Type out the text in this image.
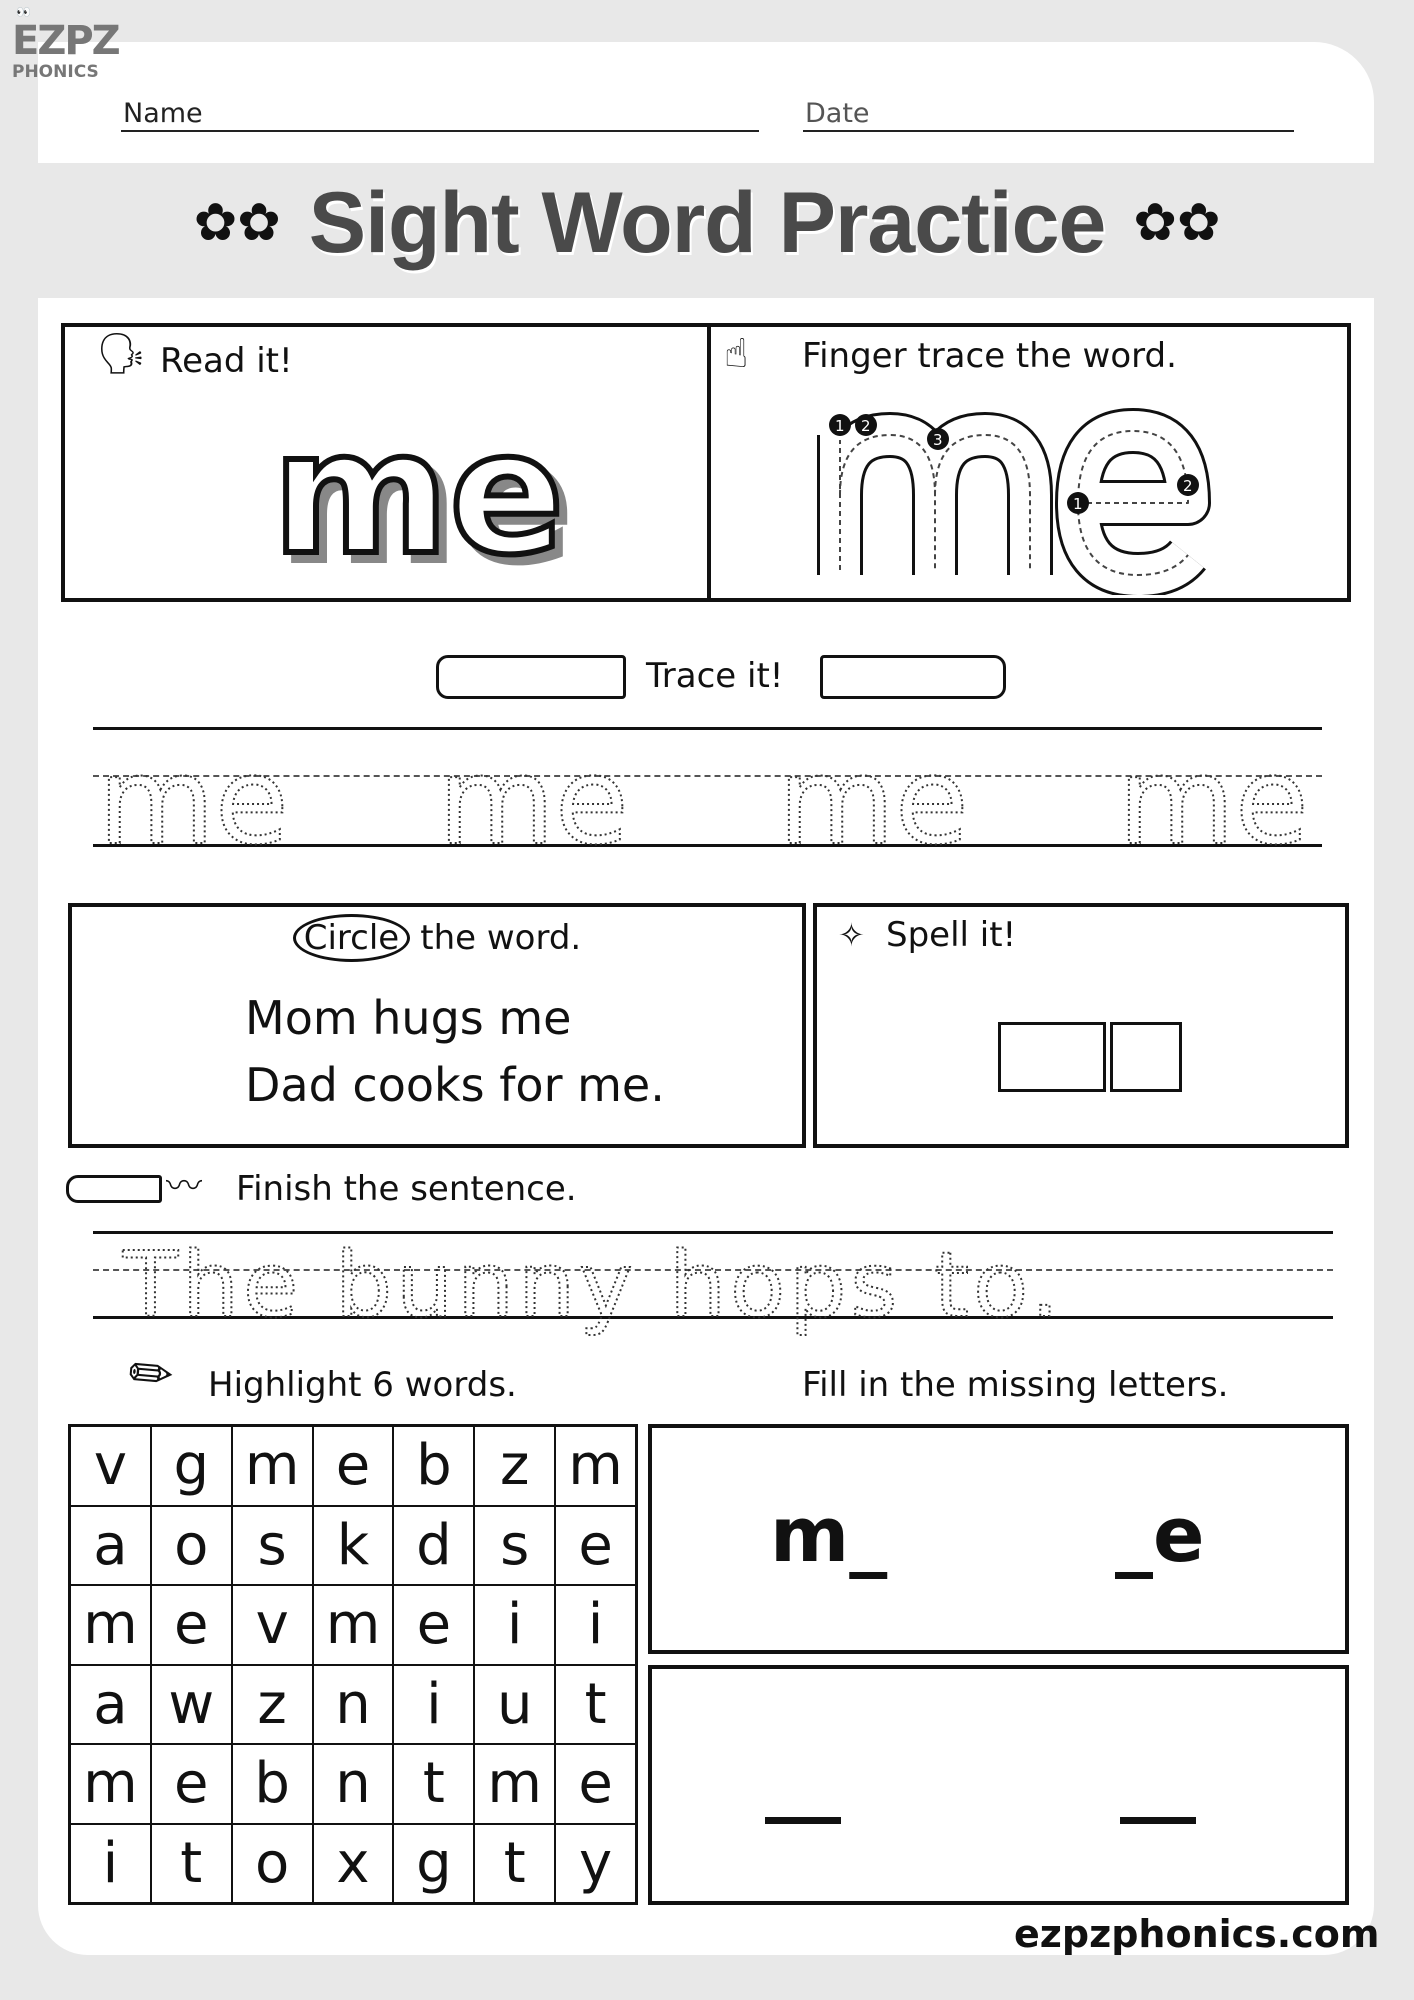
👀
EZPZ
PHONICS
Name	Date
✿✿ Sight Word Practice ✿✿
🗣 Read it!
me
☝ Finger trace the word.
1 2
3
1
2
Trace it!
me me me me
Circle the word.
Mom hugs me
Dad cooks for me.
✧ Spell it!
〰 Finish the sentence.
The bunny hops to.
✎ Highlight 6 words.
v g m e b z m
a o s k d s e
m e v m e i	i
a w z n i u t
m e b n t m e
i	t o x g t y
Fill in the missing letters.
m_	_e
__	__
ezpzphonics.com
